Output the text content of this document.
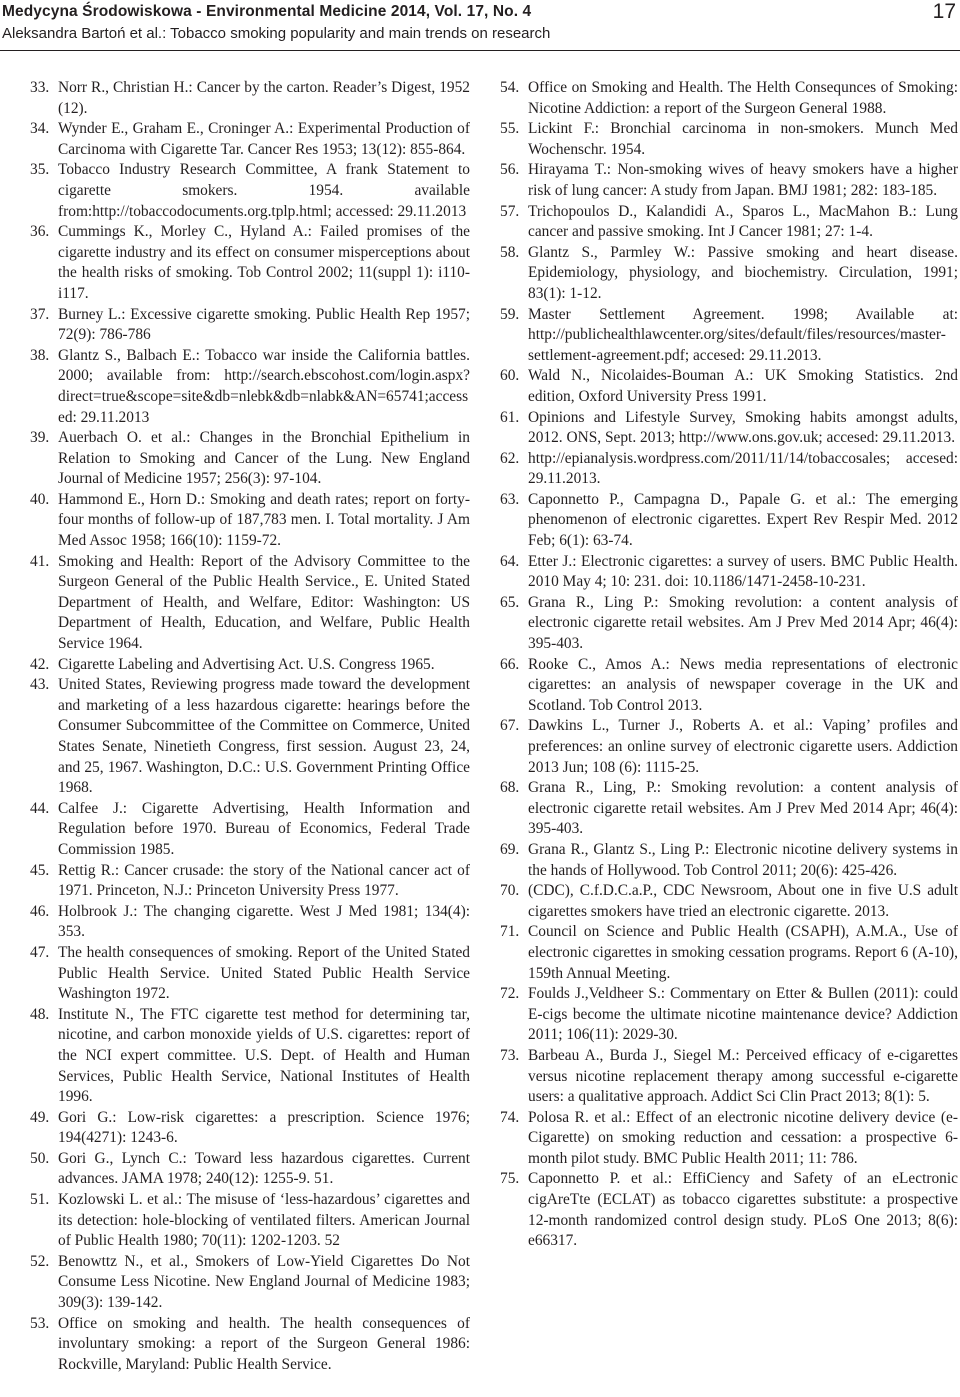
Medycyna Środowiskowa - Environmental Medicine 2014, Vol. 17, No. 4
Aleksandra Bartoń et al.: Tobacco smoking popularity and main trends on research
17

33. Norr R., Christian H.: Cancer by the carton. Reader’s Digest, 1952 (12).

34. Wynder E., Graham E., Croninger A.: Experimental Production of Carcinoma with Cigarette Tar. Cancer Res 1953; 13(12): 855-864.

35. Tobacco Industry Research Committee, A frank Statement to cigarette smokers. 1954. available from:http://tobaccodocuments.org.tplp.html; accessed: 29.11.2013

36. Cummings K., Morley C., Hyland A.: Failed promises of the cigarette industry and its effect on consumer misperceptions about the health risks of smoking. Tob Control 2002; 11(suppl 1): i110-i117.

37. Burney L.: Excessive cigarette smoking. Public Health Rep 1957; 72(9): 786-786

38. Glantz S., Balbach E.: Tobacco war inside the California battles. 2000; available from: http://search.ebscohost.com/login.aspx?direct=true&scope=site&db=nlebk&db=nlabk&AN=65741;accessed: 29.11.2013

39. Auerbach O. et al.: Changes in the Bronchial Epithelium in Relation to Smoking and Cancer of the Lung. New England Journal of Medicine 1957; 256(3): 97-104.

40. Hammond E., Horn D.: Smoking and death rates; report on forty-four months of follow-up of 187,783 men. I. Total mortality. J Am Med Assoc 1958; 166(10): 1159-72.

41. Smoking and Health: Report of the Advisory Committee to the Surgeon General of the Public Health Service., E. United Stated Department of Health, and Welfare, Editor: Washington: US Department of Health, Education, and Welfare, Public Health Service 1964.

42. Cigarette Labeling and Advertising Act. U.S. Congress 1965.

43. United States, Reviewing progress made toward the development and marketing of a less hazardous cigarette: hearings before the Consumer Subcommittee of the Committee on Commerce, United States Senate, Ninetieth Congress, first session. August 23, 24, and 25, 1967. Washington, D.C.: U.S. Government Printing Office 1968.

44. Calfee J.: Cigarette Advertising, Health Information and Regulation before 1970. Bureau of Economics, Federal Trade Commission 1985.

45. Rettig R.: Cancer crusade: the story of the National cancer act of 1971. Princeton, N.J.: Princeton University Press 1977.

46. Holbrook J.: The changing cigarette. West J Med 1981; 134(4): 353.

47. The health consequences of smoking. Report of the United Stated Public Health Service. United Stated Public Health Service Washington 1972.

48. Institute N., The FTC cigarette test method for determining tar, nicotine, and carbon monoxide yields of U.S. cigarettes: report of the NCI expert committee. U.S. Dept. of Health and Human Services, Public Health Service, National Institutes of Health 1996.

49. Gori G.: Low-risk cigarettes: a prescription. Science 1976; 194(4271): 1243-6.

50. Gori G., Lynch C.: Toward less hazardous cigarettes. Current advances. JAMA 1978; 240(12): 1255-9. 51.

51. Kozlowski L. et al.: The misuse of ‘less-hazardous’ cigarettes and its detection: hole-blocking of ventilated filters. American Journal of Public Health 1980; 70(11): 1202-1203. 52

52. Benowttz N., et al., Smokers of Low-Yield Cigarettes Do Not Consume Less Nicotine. New England Journal of Medicine 1983; 309(3): 139-142.

53. Office on smoking and health. The health consequences of involuntary smoking: a report of the Surgeon General 1986: Rockville, Maryland: Public Health Service.

54. Office on Smoking and Health. The Helth Consequnces of Smoking: Nicotine Addiction: a report of the Surgeon General 1988.

55. Lickint F.: Bronchial carcinoma in non-smokers. Munch Med Wochenschr. 1954.

56. Hirayama T.: Non-smoking wives of heavy smokers have a higher risk of lung cancer: A study from Japan. BMJ 1981; 282: 183-185.

57. Trichopoulos D., Kalandidi A., Sparos L., MacMahon B.: Lung cancer and passive smoking. Int J Cancer 1981; 27: 1-4.

58. Glantz S., Parmley W.: Passive smoking and heart disease. Epidemiology, physiology, and biochemistry. Circulation, 1991; 83(1): 1-12.

59. Master Settlement Agreement. 1998; Available at: http://publichealthlawcenter.org/sites/default/files/resources/master-settlement-agreement.pdf; accesed: 29.11.2013.

60. Wald N., Nicolaides-Bouman A.: UK Smoking Statistics. 2nd edition, Oxford University Press 1991.

61. Opinions and Lifestyle Survey, Smoking habits amongst adults, 2012. ONS, Sept. 2013; http://www.ons.gov.uk; accesed: 29.11.2013.

62. http://epianalysis.wordpress.com/2011/11/14/tobaccosales; accesed: 29.11.2013.

63. Caponnetto P., Campagna D., Papale G. et al.: The emerging phenomenon of electronic cigarettes. Expert Rev Respir Med. 2012 Feb; 6(1): 63-74.

64. Etter J.: Electronic cigarettes: a survey of users. BMC Public Health. 2010 May 4; 10: 231. doi: 10.1186/1471-2458-10-231.

65. Grana R., Ling P.: Smoking revolution: a content analysis of electronic cigarette retail websites. Am J Prev Med 2014 Apr; 46(4): 395-403.

66. Rooke C., Amos A.: News media representations of electronic cigarettes: an analysis of newspaper coverage in the UK and Scotland. Tob Control 2013.

67. Dawkins L., Turner J., Roberts A. et al.: Vaping’ profiles and preferences: an online survey of electronic cigarette users. Addiction 2013 Jun; 108 (6): 1115-25.

68. Grana R., Ling, P.: Smoking revolution: a content analysis of electronic cigarette retail websites. Am J Prev Med 2014 Apr; 46(4): 395-403.

69. Grana R., Glantz S., Ling P.: Electronic nicotine delivery systems in the hands of Hollywood. Tob Control 2011; 20(6): 425-426.

70. (CDC), C.f.D.C.a.P., CDC Newsroom, About one in five U.S adult cigarettes smokers have tried an electronic cigarette. 2013.

71. Council on Science and Public Health (CSAPH), A.M.A., Use of electronic cigarettes in smoking cessation programs. Report 6 (A-10), 159th Annual Meeting.

72. Foulds J.,Veldheer S.: Commentary on Etter & Bullen (2011): could E-cigs become the ultimate nicotine maintenance device? Addiction 2011; 106(11): 2029-30.

73. Barbeau A., Burda J., Siegel M.: Perceived efficacy of e-cigarettes versus nicotine replacement therapy among successful e-cigarette users: a qualitative approach. Addict Sci Clin Pract 2013; 8(1): 5.

74. Polosa R. et al.: Effect of an electronic nicotine delivery device (e-Cigarette) on smoking reduction and cessation: a prospective 6-month pilot study. BMC Public Health 2011; 11: 786.

75. Caponnetto P. et al.: EffiCiency and Safety of an eLectronic cigAreTte (ECLAT) as tobacco cigarettes substitute: a prospective 12-month randomized control design study. PLoS One 2013; 8(6): e66317.
